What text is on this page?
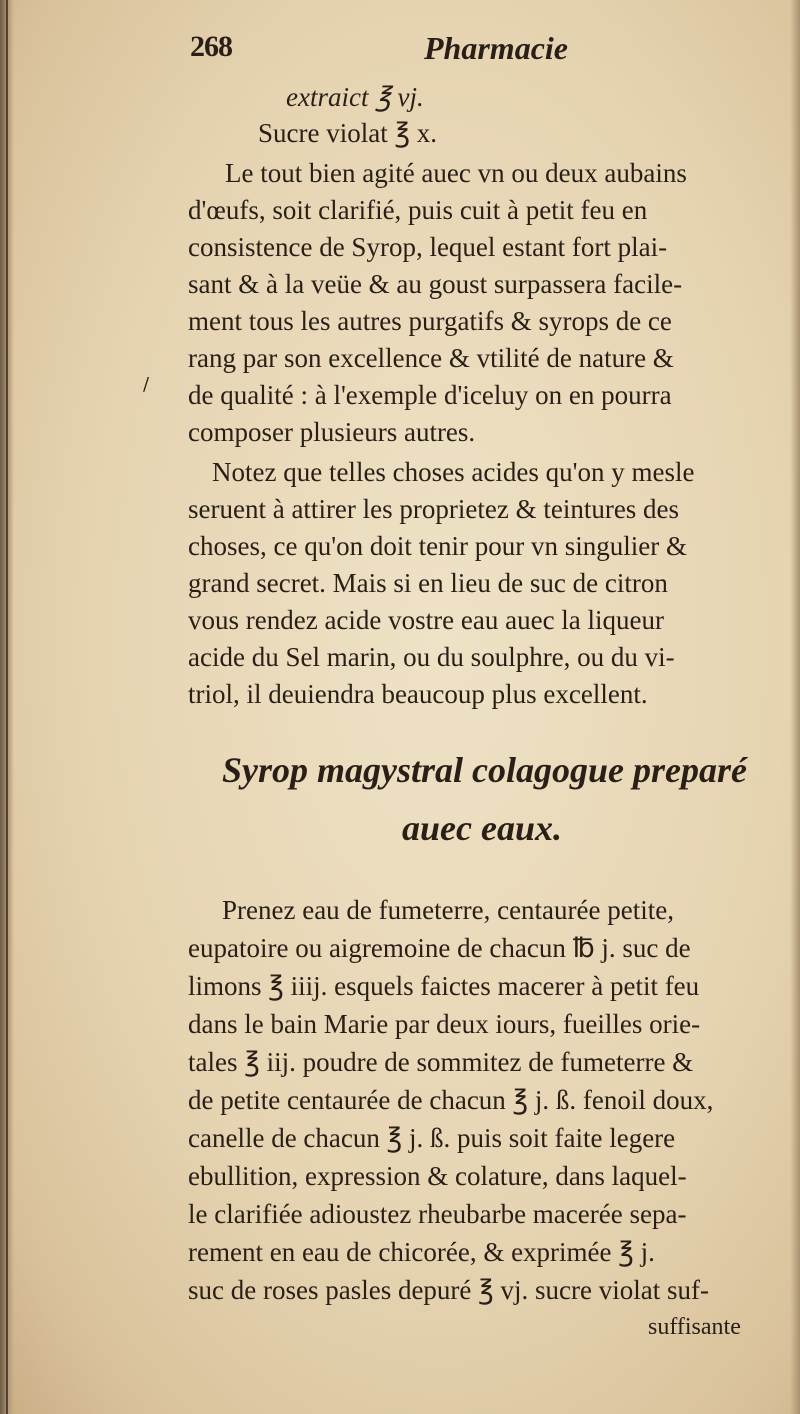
268	Pharmacie
extraict ℥ vj.
Sucre violat ℥ x.
Le tout bien agité auec vn ou deux aubains
d'œufs, soit clarifié, puis cuit à petit feu en
consistence de Syrop, lequel estant fort plai-
sant & à la veüe & au goust surpassera facile-
ment tous les autres purgatifs & syrops de ce
rang par son excellence & vtilité de nature &
de qualité : à l'exemple d'iceluy on en pourra
composer plusieurs autres.
/
Notez que telles choses acides qu'on y mesle
seruent à attirer les proprietez & teintures des
choses, ce qu'on doit tenir pour vn singulier &
grand secret. Mais si en lieu de suc de citron
vous rendez acide vostre eau auec la liqueur
acide du Sel marin, ou du soulphre, ou du vi-
triol, il deuiendra beaucoup plus excellent.
Syrop magystral colagogue preparé
auec eaux.
Prenez eau de fumeterre, centaurée petite,
eupatoire ou aigremoine de chacun ℔ j. suc de
limons ℥ iiij. esquels faictes macerer à petit feu
dans le bain Marie par deux iours, fueilles orie-
tales ℥ iij. poudre de sommitez de fumeterre &
de petite centaurée de chacun ℥ j. ß. fenoil doux,
canelle de chacun ℥ j. ß. puis soit faite legere
ebullition, expression & colature, dans laquel-
le clarifiée adioustez rheubarbe macerée sepa-
rement en eau de chicorée, & exprimée ℥ j.
suc de roses pasles depuré ℥ vj. sucre violat suf-
suffisante
